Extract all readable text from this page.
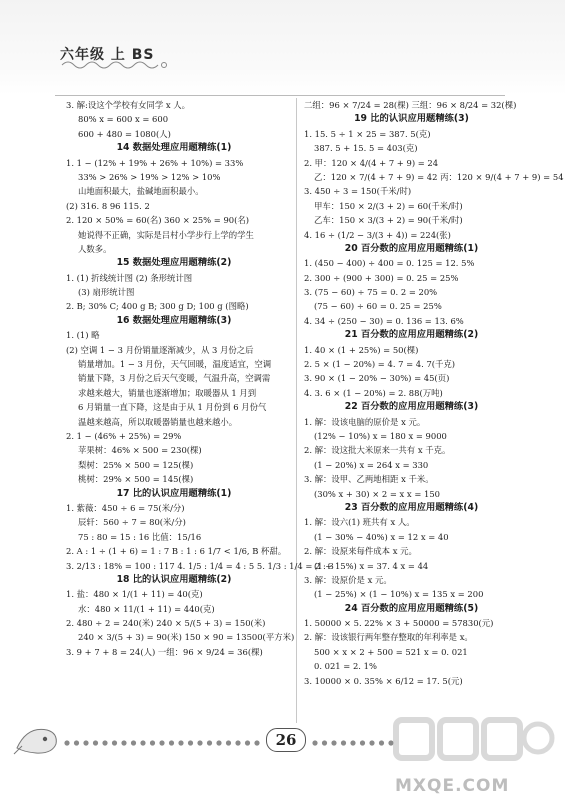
六年级 上 BS
3. 解:设这个学校有女同学 x 人。
80% x = 600 x = 600
600 + 480 = 1080(人)
14 数据处理应用题精练(1)
1. 1 − (12% + 19% + 26% + 10%) = 33%
33% > 26% > 19% > 12% > 10%
山地面积最大，盐碱地面积最小。
(2) 316. 8 96 115. 2
2. 120 × 50% = 60(名) 360 × 25% = 90(名)
她说得不正确，实际是吕村小学步行上学的学生
人数多。
15 数据处理应用题精练(2)
1. (1) 折线统计图 (2) 条形统计图
(3) 扇形统计图
2. B; 30% C; 400 g B; 300 g D; 100 g (图略)
16 数据处理应用题精练(3)
1. (1) 略
(2) 空调 1 − 3 月份销量逐渐减少，从 3 月份之后
销量增加。1 − 3 月份，天气回暖，温度适宜，空调
销量下降，3 月份之后天气变暖，气温升高，空调需
求越来越大，销量也逐渐增加；取暖器从 1 月到
6 月销量一直下降，这是由于从 1 月份到 6 月份气
温越来越高，所以取暖器销量也越来越小。
2. 1 − (46% + 25%) = 29%
苹果树：46% × 500 = 230(棵)
梨树：25% × 500 = 125(棵)
桃树：29% × 500 = 145(棵)
17 比的认识应用题精练(1)
1. 紫薇：450 ÷ 6 = 75(米/分)
辰轩：560 ÷ 7 = 80(米/分)
75 : 80 = 15 : 16 比值：15/16
2. A : 1 ÷ (1 + 6) = 1 : 7 B : 1 : 6 1/7 < 1/6, B 杯甜。
3. 2/13 : 18% = 100 : 117 4. 1/5 : 1/4 = 4 : 5 5. 1/3 : 1/4 = 2 : 3
18 比的认识应用题精练(2)
1. 盐：480 × 1/(1 + 11) = 40(克)
水：480 × 11/(1 + 11) = 440(克)
2. 480 ÷ 2 = 240(米) 240 × 5/(5 + 3) = 150(米)
240 × 3/(5 + 3) = 90(米) 150 × 90 = 13500(平方米)
3. 9 + 7 + 8 = 24(人) 一组：96 × 9/24 = 36(棵)
二组：96 × 7/24 = 28(棵) 三组：96 × 8/24 = 32(棵)
19 比的认识应用题精练(3)
1. 15. 5 ÷ 1 × 25 = 387. 5(克)
387. 5 + 15. 5 = 403(克)
2. 甲：120 × 4/(4 + 7 + 9) = 24
乙：120 × 7/(4 + 7 + 9) = 42 丙：120 × 9/(4 + 7 + 9) = 54
3. 450 ÷ 3 = 150(千米/时)
甲车：150 × 2/(3 + 2) = 60(千米/时)
乙车：150 × 3/(3 + 2) = 90(千米/时)
4. 16 ÷ (1/2 − 3/(3 + 4)) = 224(张)
20 百分数的应用应用题精练(1)
1. (450 − 400) ÷ 400 = 0. 125 = 12. 5%
2. 300 ÷ (900 + 300) = 0. 25 = 25%
3. (75 − 60) ÷ 75 = 0. 2 = 20%
(75 − 60) ÷ 60 = 0. 25 = 25%
4. 34 ÷ (250 − 30) = 0. 136 = 13. 6%
21 百分数的应用应用题精练(2)
1. 40 × (1 + 25%) = 50(棵)
2. 5 × (1 − 20%) = 4. 7 = 4. 7(千克)
3. 90 × (1 − 20% − 30%) = 45(页)
4. 3. 6 × (1 − 20%) = 2. 88(万吨)
22 百分数的应用应用题精练(3)
1. 解：设该电脑的原价是 x 元。
(12% − 10%) x = 180 x = 9000
2. 解：设这批大米原来一共有 x 千克。
(1 − 20%) x = 264 x = 330
3. 解：设甲、乙两地相距 x 千米。
(30% x + 30) × 2 = x x = 150
23 百分数的应用应用题精练(4)
1. 解：设六(1) 班共有 x 人。
(1 − 30% − 40%) x = 12 x = 40
2. 解：设原来每件成本 x 元。
(1 + 15%) x = 37. 4 x = 44
3. 解：设原价是 x 元。
(1 − 25%) × (1 − 10%) x = 135 x = 200
24 百分数的应用应用题精练(5)
1. 50000 × 5. 22% × 3 + 50000 = 57830(元)
2. 解：设该银行两年整存整取的年利率是 x。
500 × x × 2 + 500 = 521 x = 0. 021
0. 021 = 2. 1%
3. 10000 × 0. 35% × 6/12 = 17. 5(元)
26
MXQE.COM
